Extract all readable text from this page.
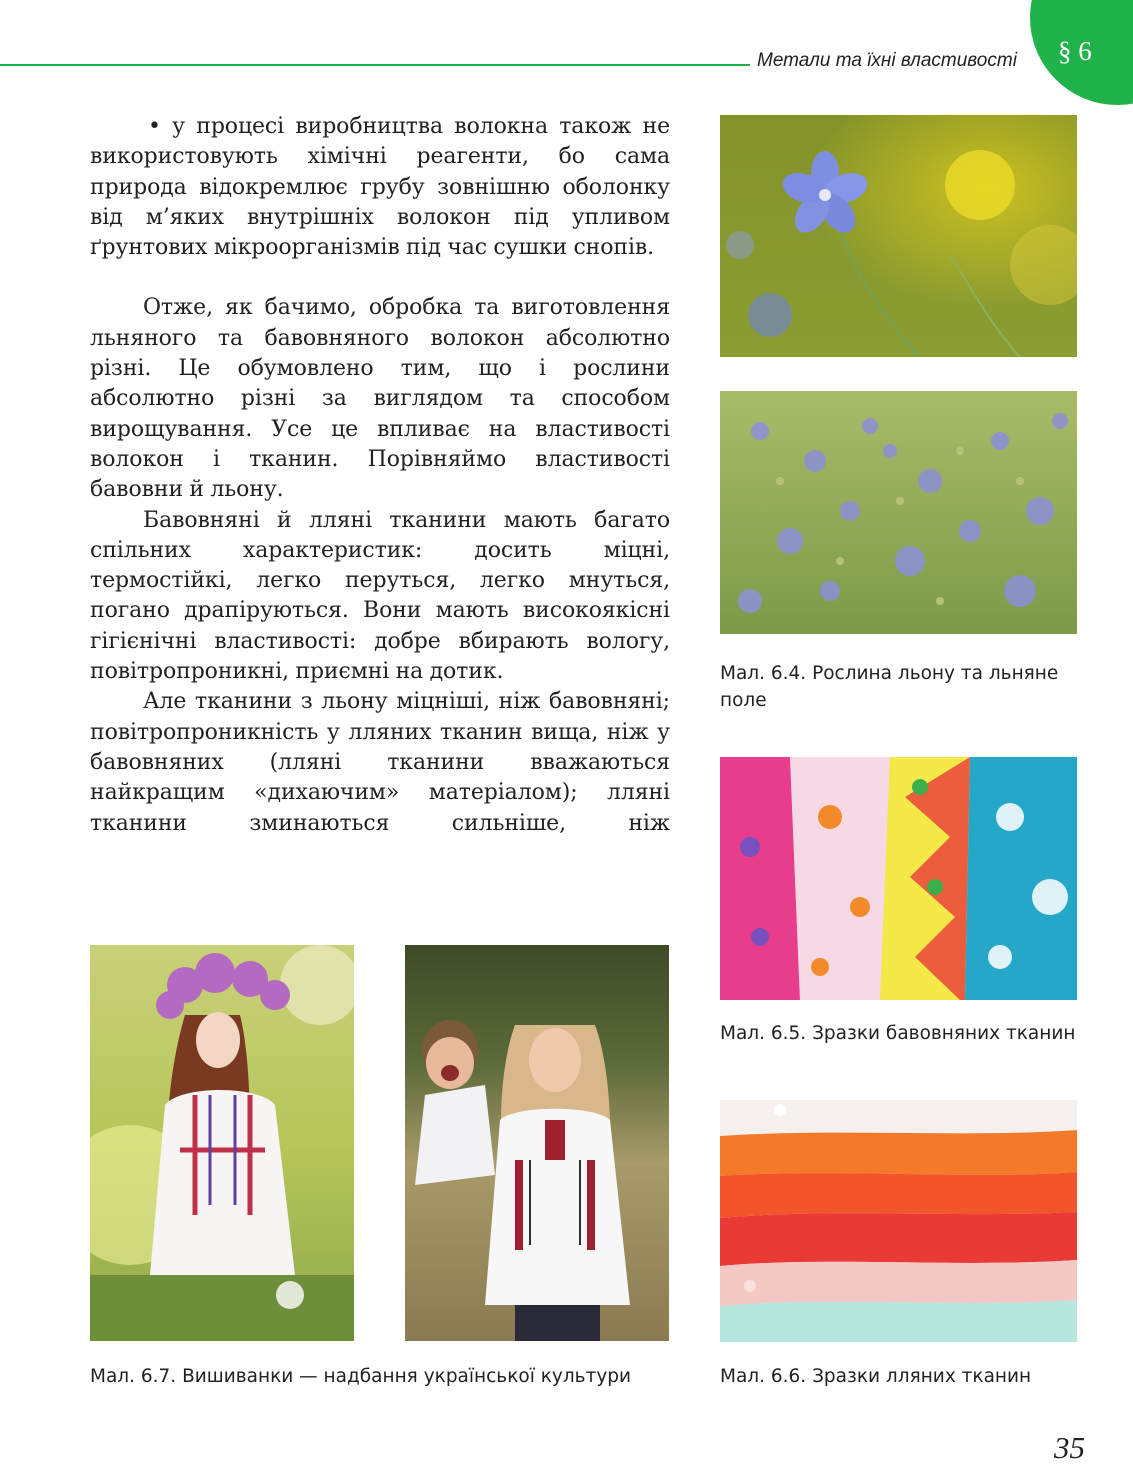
Метали та їхні властивості	§ 6

• у процесі виробництва волокна також не використовують хімічні реагенти, бо сама природа відокремлює грубу зовнішню оболонку від м’яких внутрішніх волокон під упливом ґрунтових мікроорганізмів під час сушки снопів.

Отже, як бачимо, обробка та виготовлення льняного та бавовняного волокон абсолютно різні. Це обумовлено тим, що і рослини абсолютно різні за виглядом та способом вирощування. Усе це впливає на властивості волокон і тканин. Порівняймо властивості бавовни й льону.

Бавовняні й лляні тканини мають багато спільних характеристик: досить міцні, термостійкі, легко перуться, легко мнуться, погано драпіруються. Вони мають високоякісні гігієнічні властивості: добре вбирають вологу, повітропроникні, приємні на дотик.

Але тканини з льону міцніші, ніж бавовняні; повітропроникність у лляних тканин вища, ніж у бавовняних (лляні тканини вважаються найкращим «дихаючим» матеріалом); лляні тканини зминаються сильніше, ніж

Мал. 6.4. Рослина льону та льняне поле
Мал. 6.5. Зразки бавовняних тканин
Мал. 6.6. Зразки лляних тканин
Мал. 6.7. Вишиванки — надбання української культури
35
